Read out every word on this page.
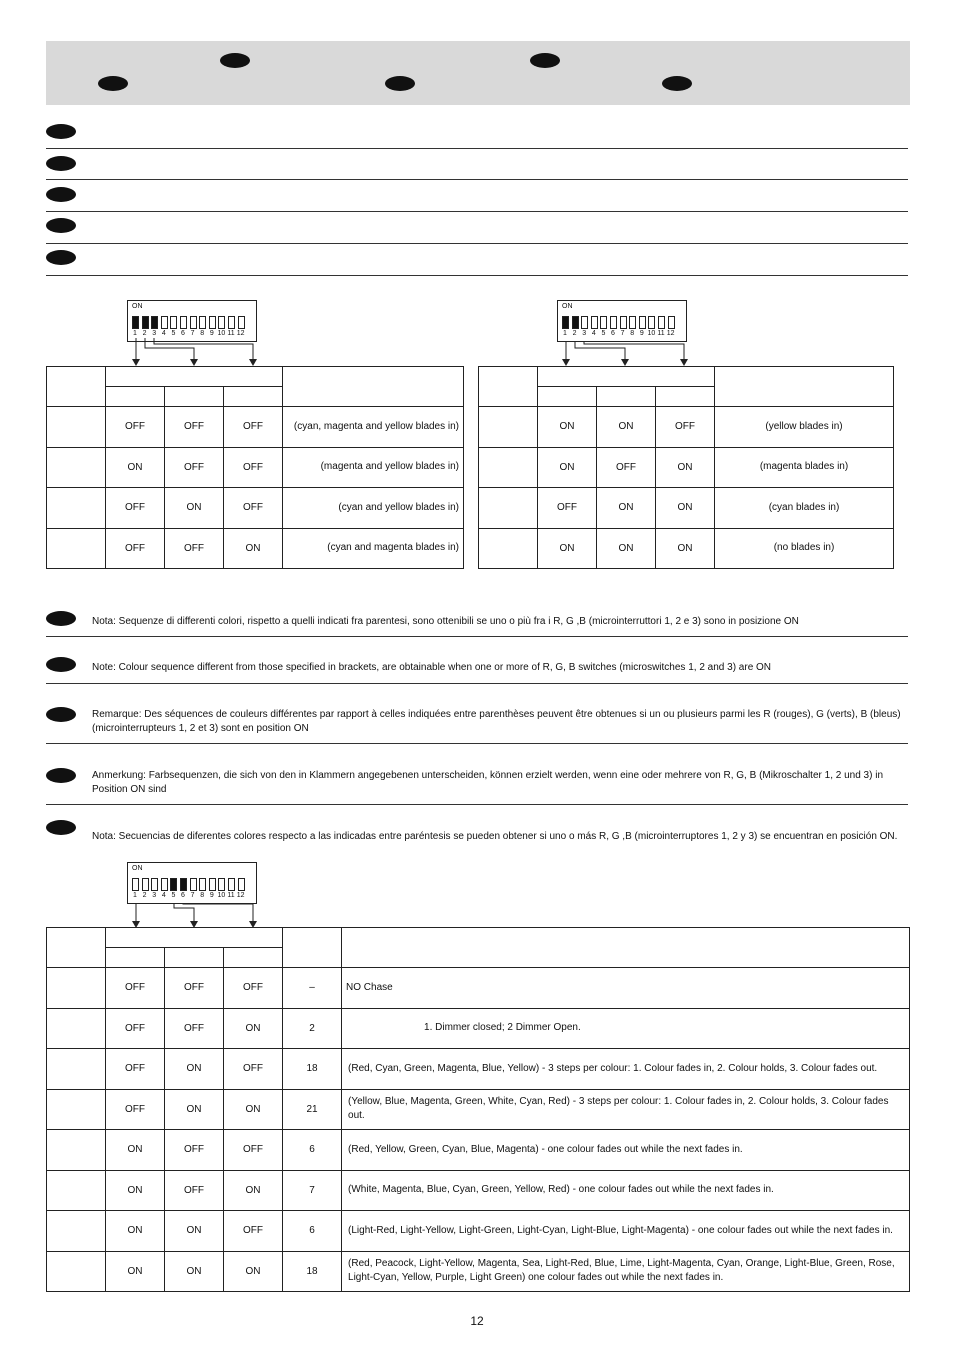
ON
1 2 3 4 5 6 7 8 9 10 11 12
ON
1 2 3 4 5 6 7 8 9 10 11 12
Nota: Sequenze di differenti colori, rispetto a quelli indicati fra parentesi, sono ottenibili se uno o più fra i R, G ,B (microinterruttori 1, 2 e 3) sono in posizione ON
Note: Colour sequence different from those specified in brackets, are obtainable when one or more of R, G, B switches (microswitches 1, 2 and 3) are ON
Remarque: Des séquences de couleurs différentes par rapport à celles indiquées entre parenthèses peuvent être obtenues si un ou plusieurs parmi les R (rouges), G (verts), B (bleus) (microinterrupteurs 1, 2 et 3) sont en position ON
Anmerkung: Farbsequenzen, die sich von den in Klammern angegebenen unterscheiden, können erzielt werden, wenn eine oder mehrere von R, G, B (Mikroschalter 1, 2 und 3) in Position ON sind
Nota: Secuencias de diferentes colores respecto a las indicadas entre paréntesis se pueden obtener si uno o más R, G ,B (microinterruptores 1, 2 y 3) se encuentran en posición ON.
ON
1 2 3 4 5 6 7 8 9 10 11 12
12

	OFF	OFF	OFF	(cyan, magenta and yellow blades in)
	ON	OFF	OFF	(magenta and yellow blades in)
	OFF	ON	OFF	(cyan and yellow blades in)
	OFF	OFF	ON	(cyan and magenta blades in)

	ON	ON	OFF	(yellow blades in)
	ON	OFF	ON	(magenta blades in)
	OFF	ON	ON	(cyan blades in)
	ON	ON	ON	(no blades in)

	OFF	OFF	OFF	–	NO Chase
	OFF	OFF	ON	2	1. Dimmer closed; 2 Dimmer Open.
	OFF	ON	OFF	18	(Red, Cyan, Green, Magenta, Blue, Yellow) - 3 steps per colour: 1. Colour fades in, 2. Colour holds, 3. Colour fades out.
	OFF	ON	ON	21	(Yellow, Blue, Magenta, Green, White, Cyan, Red) - 3 steps per colour: 1. Colour fades in, 2. Colour holds, 3. Colour fades out.
	ON	OFF	OFF	6	(Red, Yellow, Green, Cyan, Blue, Magenta) - one colour fades out while the next fades in.
	ON	OFF	ON	7	(White, Magenta, Blue, Cyan, Green, Yellow, Red) - one colour fades out while the next fades in.
	ON	ON	OFF	6	(Light-Red, Light-Yellow, Light-Green, Light-Cyan, Light-Blue, Light-Magenta) - one colour fades out while the next fades in.
	ON	ON	ON	18	(Red, Peacock, Light-Yellow, Magenta, Sea, Light-Red, Blue, Lime, Light-Magenta, Cyan, Orange, Light-Blue, Green, Rose, Light-Cyan, Yellow, Purple, Light Green) one colour fades out while the next fades in.
